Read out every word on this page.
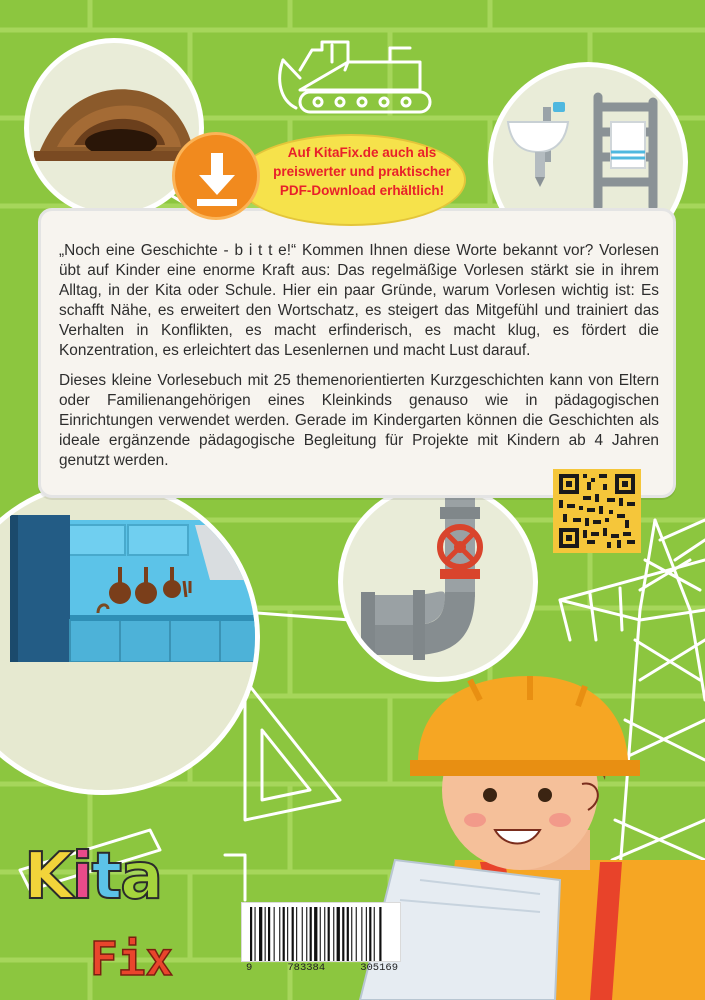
„Noch eine Geschichte - b i t t e!“ Kommen Ihnen diese Worte bekannt vor? Vorlesen übt auf Kinder eine enorme Kraft aus: Das regelmäßige Vorlesen stärkt sie in ihrem Alltag, in der Kita oder Schule. Hier ein paar Gründe, warum Vorlesen wichtig ist: Es schafft Nähe, es erweitert den Wortschatz, es steigert das Mitgefühl und trainiert das Verhalten in Konflikten, es macht erfinderisch, es macht klug, es fördert die Konzentration, es erleichtert das Lesenlernen und macht Lust darauf.

Dieses kleine Vorlesebuch mit 25 themenorientierten Kurzgeschichten kann von Eltern oder Familienangehörigen eines Kleinkinds genauso wie in pädagogischen Einrichtungen verwendet werden. Gerade im Kindergarten können die Geschichten als ideale ergänzende pädagogische Begleitung für Projekte mit Kindern ab 4 Jahren genutzt werden.

Auf KitaFix.de auch als preiswerter und praktischer PDF-Download erhältlich!

9	783384	305169
Kita
Fix
